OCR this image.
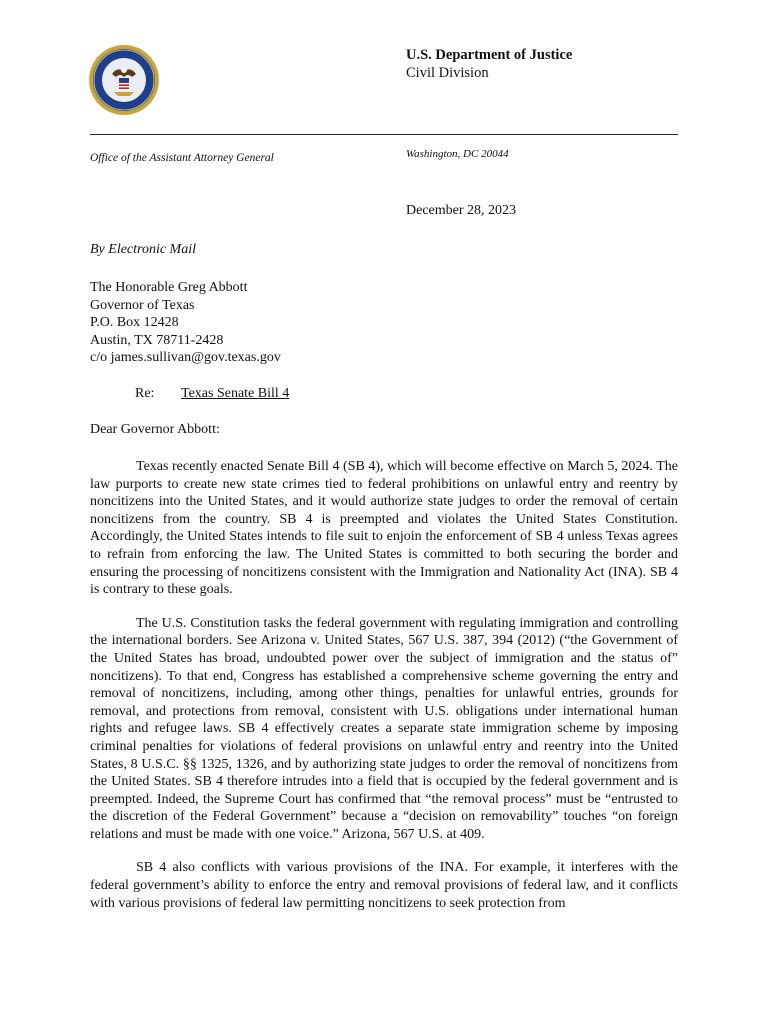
U.S. Department of Justice
Civil Division
Office of the Assistant Attorney General	Washington, DC 20044
December 28, 2023
By Electronic Mail
The Honorable Greg Abbott
Governor of Texas
P.O. Box 12428
Austin, TX 78711-2428
c/o james.sullivan@gov.texas.gov
Re: Texas Senate Bill 4
Dear Governor Abbott:

Texas recently enacted Senate Bill 4 (SB 4), which will become effective on March 5, 2024. The law purports to create new state crimes tied to federal prohibitions on unlawful entry and reentry by noncitizens into the United States, and it would authorize state judges to order the removal of certain noncitizens from the country. SB 4 is preempted and violates the United States Constitution. Accordingly, the United States intends to file suit to enjoin the enforcement of SB 4 unless Texas agrees to refrain from enforcing the law. The United States is committed to both securing the border and ensuring the processing of noncitizens consistent with the Immigration and Nationality Act (INA). SB 4 is contrary to these goals.

The U.S. Constitution tasks the federal government with regulating immigration and controlling the international borders. See Arizona v. United States, 567 U.S. 387, 394 (2012) (“the Government of the United States has broad, undoubted power over the subject of immigration and the status of” noncitizens). To that end, Congress has established a comprehensive scheme governing the entry and removal of noncitizens, including, among other things, penalties for unlawful entries, grounds for removal, and protections from removal, consistent with U.S. obligations under international human rights and refugee laws. SB 4 effectively creates a separate state immigration scheme by imposing criminal penalties for violations of federal provisions on unlawful entry and reentry into the United States, 8 U.S.C. §§ 1325, 1326, and by authorizing state judges to order the removal of noncitizens from the United States. SB 4 therefore intrudes into a field that is occupied by the federal government and is preempted. Indeed, the Supreme Court has confirmed that “the removal process” must be “entrusted to the discretion of the Federal Government” because a “decision on removability” touches “on foreign relations and must be made with one voice.” Arizona, 567 U.S. at 409.

SB 4 also conflicts with various provisions of the INA. For example, it interferes with the federal government’s ability to enforce the entry and removal provisions of federal law, and it conflicts with various provisions of federal law permitting noncitizens to seek protection from
